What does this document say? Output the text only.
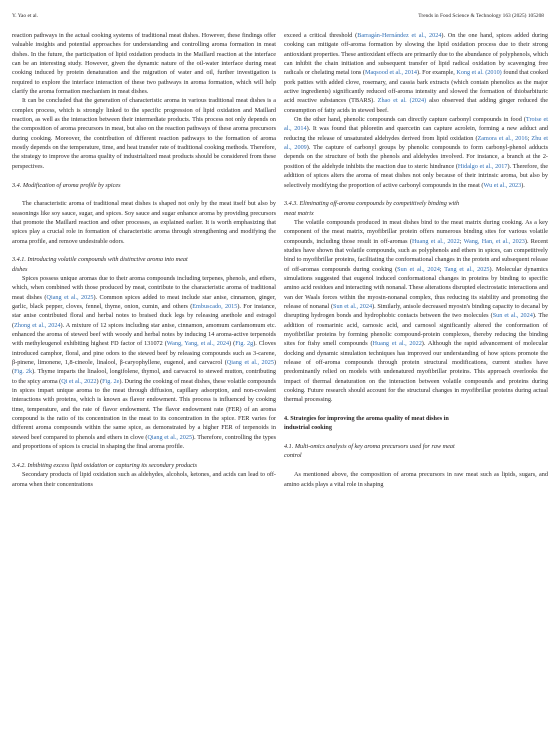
Y. Yao et al.	Trends in Food Science & Technology 163 (2025) 105208

reaction pathways in the actual cooking systems of traditional meat dishes. However, these findings offer valuable insights and potential approaches for understanding and controlling aroma formation in meat dishes. In the future, the participation of lipid oxidation products in the Maillard reaction at the interface can be an interesting study. However, given the dynamic nature of the oil-water interface during meat cooking induced by protein denaturation and the migration of water and oil, further investigation is required to explore the interface interaction of these two pathways in aroma formation, which will help clarify the aroma formation mechanism in meat dishes.

It can be concluded that the generation of characteristic aroma in various traditional meat dishes is a complex process, which is strongly linked to the specific progression of lipid oxidation and Maillard reaction, as well as the interaction between their intermediate products. This process not only depends on the composition of aroma precursors in meat, but also on the reaction pathways of these aroma precursors during cooking. Moreover, the contribution of different reaction pathways to the formation of aroma mostly depends on the temperature, time, and heat transfer rate of traditional cooking methods. Therefore, the strategy to improve the aroma quality of industrialized meat products should be considered from these perspectives.

3.4. Modification of aroma profile by spices

The characteristic aroma of traditional meat dishes is shaped not only by the meat itself but also by seasonings like soy sauce, sugar, and spices. Soy sauce and sugar enhance aroma by providing precursors that promote the Maillard reaction and other processes, as explained earlier. It is worth emphasizing that spices play a crucial role in formation of characteristic aroma through strengthening and modifying the aroma profile, and remove undesirable odors.

3.4.1. Introducing volatile compounds with distinctive aroma into meat
dishes

Spices possess unique aromas due to their aroma compounds including terpenes, phenols, and ethers, which, when combined with those produced by meat, contribute to the characteristic aroma of traditional meat dishes (Qiang et al., 2025). Common spices added to meat include star anise, cinnamon, ginger, garlic, black pepper, cloves, fennel, thyme, onion, cumin, and others (Embuscado, 2015). For instance, star anise contributed floral and herbal notes to braised duck legs by releasing anethole and estragol (Zhong et al., 2024). A mixture of 12 spices including star anise, cinnamon, amomum cardamomum etc. enhanced the aroma of stewed beef with woody and herbal notes by inducing 14 aroma-active terpenoids with methyleugenol exhibiting highest FD factor of 131072 (Wang, Yang, et al., 2024) (Fig. 2g). Cloves introduced camphor, floral, and pine odors to the stewed beef by releasing compounds such as 3-carene, β-pinene, limonene, 1,8-cineole, linalool, β-caryophyllene, eugenol, and carvacrol (Qiang et al., 2025) (Fig. 2k). Thyme imparts the linalool, longifolene, thymol, and carvacrol to stewed mutton, contributing to the spicy aroma (Qi et al., 2022) (Fig. 2e). During the cooking of meat dishes, these volatile compounds in spices impart unique aroma to the meat through diffusion, capillary adsorption, and non-covalent interactions with proteins, which is known as flavor endowment. This process is influenced by cooking time, temperature, and the rate of flavor endowment. The flavor endowment rate (FER) of an aroma compound is the ratio of its concentration in the meat to its concentration in the spice. FER varies for different aroma compounds within the same spice, as demonstrated by a higher FER of terpenoids in stewed beef compared to phenols and ethers in clove (Qiang et al., 2025). Therefore, controlling the types and proportions of spices is crucial in shaping the final aroma profile.

3.4.2. Inhibiting excess lipid oxidation or capturing its secondary products

Secondary products of lipid oxidation such as aldehydes, alcohols, ketones, and acids can lead to off-aroma when their concentrations

exceed a critical threshold (Barragán-Hernández et al., 2024). On the one hand, spices added during cooking can mitigate off-aroma formation by slowing the lipid oxidation process due to their strong antioxidant properties. These antioxidant effects are primarily due to the abundance of polyphenols, which can inhibit the chain initiation and subsequent transfer of lipid radical oxidation by scavenging free radicals or chelating metal ions (Maqsood et al., 2014). For example, Kong et al. (2010) found that cooked pork patties with added clove, rosemary, and cassia bark extracts (which contain phenolics as the major active ingredients) significantly reduced off-aroma intensity and slowed the formation of thiobarbituric acid reactive substances (TBARS). Zhao et al. (2024) also observed that adding ginger reduced the consumption of fatty acids in stewed beef.

On the other hand, phenolic compounds can directly capture carbonyl compounds in food (Troise et al., 2014). It was found that phloretin and quercetin can capture acrolein, forming a new adduct and reducing the release of unsaturated aldehydes derived from lipid oxidation (Zamora et al., 2016; Zhu et al., 2009). The capture of carbonyl groups by phenolic compounds to form carbonyl-phenol adducts depends on the structure of both the phenols and aldehydes involved. For instance, a branch at the 2-position of the aldehyde inhibits the reaction due to steric hindrance (Hidalgo et al., 2017). Therefore, the addition of spices alters the aroma of meat dishes not only because of their intrinsic aroma, but also by selectively modifying the proportion of active carbonyl compounds in the meat (Wu et al., 2023).

3.4.3. Eliminating off-aroma compounds by competitively binding with
meat matrix

The volatile compounds produced in meat dishes bind to the meat matrix during cooking. As a key component of the meat matrix, myofibrillar protein offers numerous binding sites for various volatile compounds, including those result in off-aromas (Huang et al., 2022; Wang, Han, et al., 2023). Recent studies have shown that volatile compounds, such as polyphenols and ethers in spices, can competitively bind to myofibrillar proteins, facilitating the conformational changes in the protein and subsequent release of off-aromas compounds during cooking (Sun et al., 2024; Tang et al., 2025). Molecular dynamics simulations suggested that eugenol induced conformational changes in proteins by binding to specific amino acid residues and interacting with nonanal. These alterations disrupted electrostatic interactions and van der Waals forces within the myosin-nonanal complex, thus reducing its stability and promoting the release of nonanal (Sun et al., 2024). Similarly, anisole decreased myosin's binding capacity to decanal by disrupting hydrogen bonds and hydrophobic contacts between the two molecules (Sun et al., 2024). The addition of rosmarinic acid, carnosic acid, and carnosol significantly altered the conformation of myofibrillar proteins by forming phenolic compound-protein complexes, thereby reducing the binding sites for fishy smell compounds (Huang et al., 2022). Although the rapid advancement of molecular docking and dynamic simulation techniques has improved our understanding of how spices promote the release of off-aroma compounds through protein structural modifications, current studies have predominantly relied on models with undenatured myofibrillar proteins. This approach overlooks the impact of thermal denaturation on the interaction between volatile compounds and proteins during cooking. Future research should account for the structural changes in myofibrillar proteins during actual thermal processing.

4. Strategies for improving the aroma quality of meat dishes in
industrial cooking

4.1. Multi-omics analysis of key aroma precursors used for raw meat
control

As mentioned above, the composition of aroma precursors in raw meat such as lipids, sugars, and amino acids plays a vital role in shaping
